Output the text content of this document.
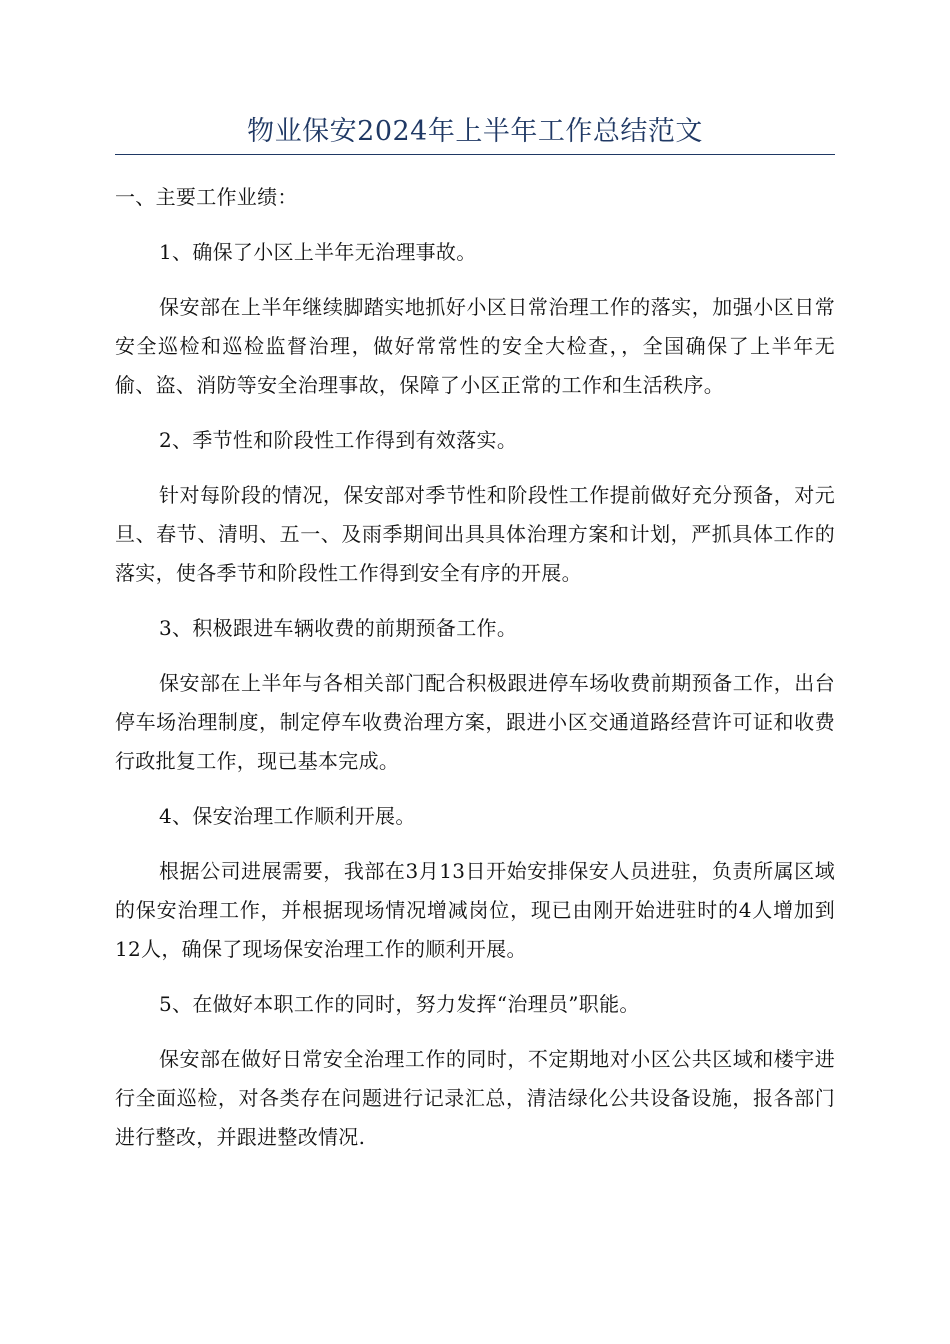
物业保安2024年上半年工作总结范文

一、主要工作业绩：

1、确保了小区上半年无治理事故。

保安部在上半年继续脚踏实地抓好小区日常治理工作的落实，加强小区日常安全巡检和巡检监督治理，做好常常性的安全大检查，，全国确保了上半年无偷、盗、消防等安全治理事故，保障了小区正常的工作和生活秩序。

2、季节性和阶段性工作得到有效落实。

针对每阶段的情况，保安部对季节性和阶段性工作提前做好充分预备，对元旦、春节、清明、五一、及雨季期间出具具体治理方案和计划，严抓具体工作的落实，使各季节和阶段性工作得到安全有序的开展。

3、积极跟进车辆收费的前期预备工作。

保安部在上半年与各相关部门配合积极跟进停车场收费前期预备工作，出台停车场治理制度，制定停车收费治理方案，跟进小区交通道路经营许可证和收费行政批复工作，现已基本完成。

4、保安治理工作顺利开展。

根据公司进展需要，我部在3月13日开始安排保安人员进驻，负责所属区域的保安治理工作，并根据现场情况增减岗位，现已由刚开始进驻时的4人增加到12人，确保了现场保安治理工作的顺利开展。

5、在做好本职工作的同时，努力发挥“治理员”职能。

保安部在做好日常安全治理工作的同时，不定期地对小区公共区域和楼宇进行全面巡检，对各类存在问题进行记录汇总，清洁绿化公共设备设施，报各部门进行整改，并跟进整改情况.
